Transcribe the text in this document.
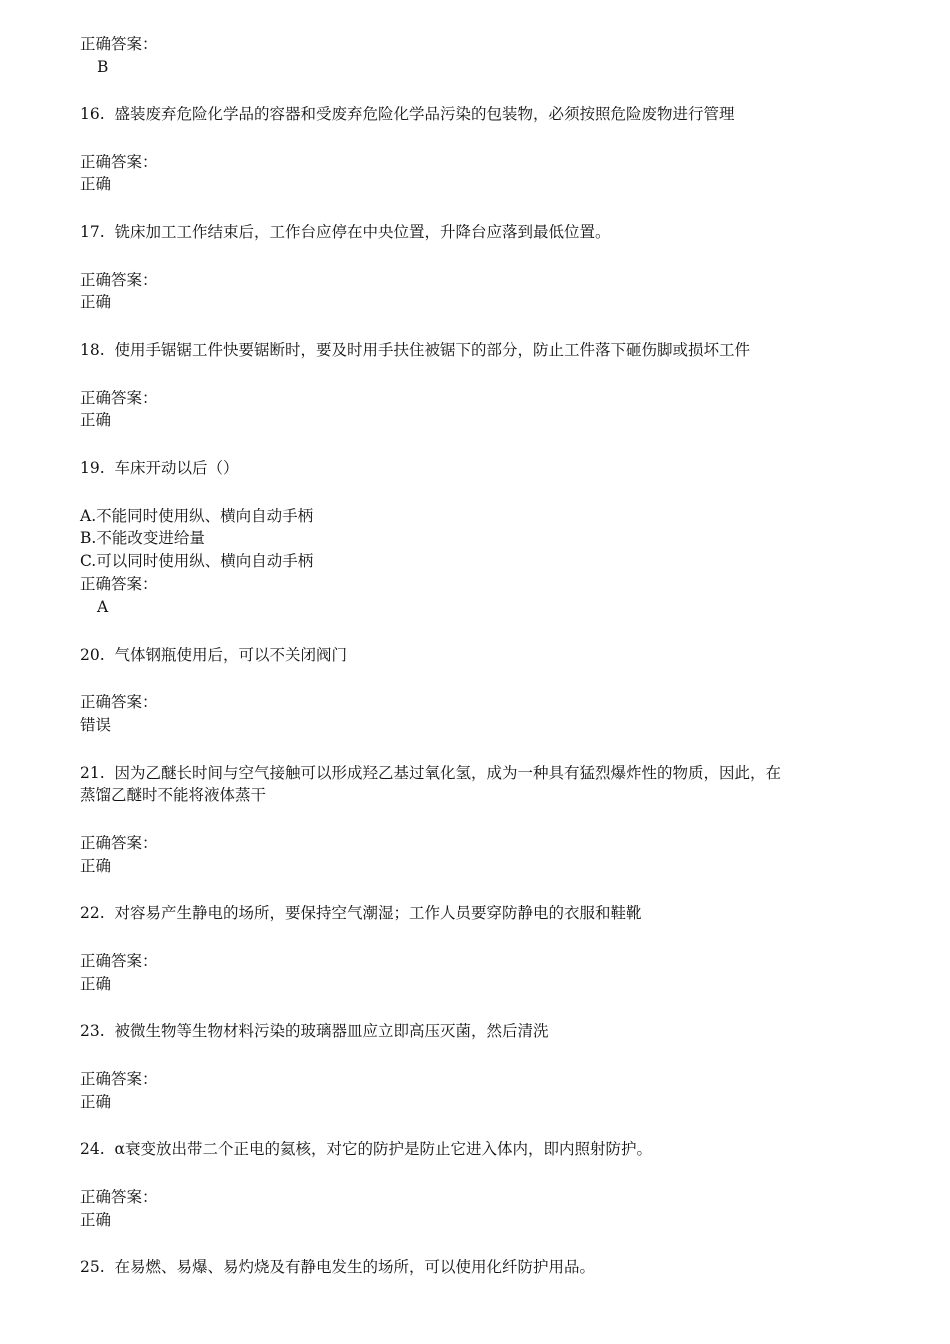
正确答案：
B
16. 盛装废弃危险化学品的容器和受废弃危险化学品污染的包装物，必须按照危险废物进行管理
正确答案：
正确
17. 铣床加工工作结束后，工作台应停在中央位置，升降台应落到最低位置。
正确答案：
正确
18. 使用手锯锯工件快要锯断时，要及时用手扶住被锯下的部分，防止工件落下砸伤脚或损坏工件
正确答案：
正确
19. 车床开动以后（）
A.不能同时使用纵、横向自动手柄
B.不能改变进给量
C.可以同时使用纵、横向自动手柄
正确答案：
A
20. 气体钢瓶使用后，可以不关闭阀门
正确答案：
错误
21. 因为乙醚长时间与空气接触可以形成羟乙基过氧化氢，成为一种具有猛烈爆炸性的物质，因此，在
蒸馏乙醚时不能将液体蒸干
正确答案：
正确
22. 对容易产生静电的场所，要保持空气潮湿；工作人员要穿防静电的衣服和鞋靴
正确答案：
正确
23. 被微生物等生物材料污染的玻璃器皿应立即高压灭菌，然后清洗
正确答案：
正确
24. α衰变放出带二个正电的氦核，对它的防护是防止它进入体内，即内照射防护。
正确答案：
正确
25. 在易燃、易爆、易灼烧及有静电发生的场所，可以使用化纤防护用品。
